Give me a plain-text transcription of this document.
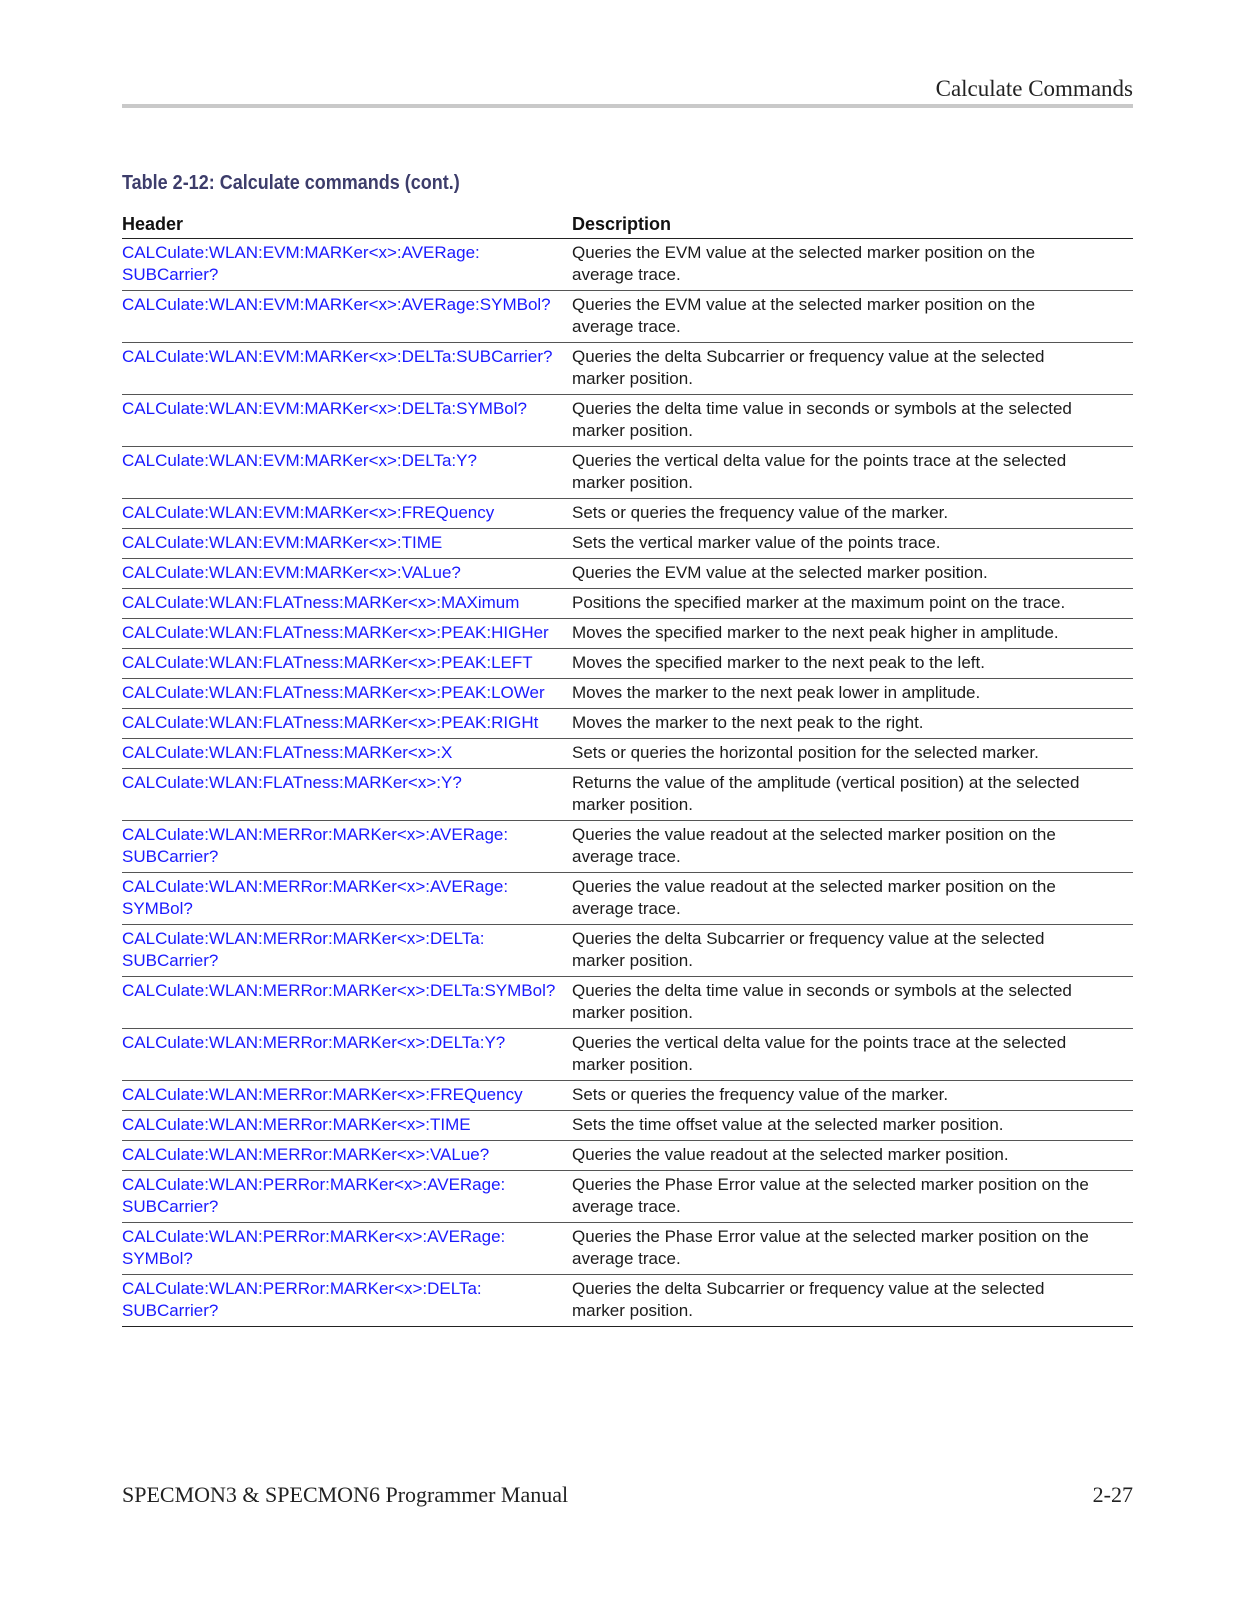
Calculate Commands
Table 2-12: Calculate commands (cont.)
Header	Description
CALCulate:WLAN:EVM:MARKer<x>:AVERage:
SUBCarrier?	Queries the EVM value at the selected marker position on the average trace.
CALCulate:WLAN:EVM:MARKer<x>:AVERage:SYMBol?	Queries the EVM value at the selected marker position on the average trace.
CALCulate:WLAN:EVM:MARKer<x>:DELTa:SUBCarrier?	Queries the delta Subcarrier or frequency value at the selected marker position.
CALCulate:WLAN:EVM:MARKer<x>:DELTa:SYMBol?	Queries the delta time value in seconds or symbols at the selected marker position.
CALCulate:WLAN:EVM:MARKer<x>:DELTa:Y?	Queries the vertical delta value for the points trace at the selected marker position.
CALCulate:WLAN:EVM:MARKer<x>:FREQuency	Sets or queries the frequency value of the marker.
CALCulate:WLAN:EVM:MARKer<x>:TIME	Sets the vertical marker value of the points trace.
CALCulate:WLAN:EVM:MARKer<x>:VALue?	Queries the EVM value at the selected marker position.
CALCulate:WLAN:FLATness:MARKer<x>:MAXimum	Positions the specified marker at the maximum point on the trace.
CALCulate:WLAN:FLATness:MARKer<x>:PEAK:HIGHer	Moves the specified marker to the next peak higher in amplitude.
CALCulate:WLAN:FLATness:MARKer<x>:PEAK:LEFT	Moves the specified marker to the next peak to the left.
CALCulate:WLAN:FLATness:MARKer<x>:PEAK:LOWer	Moves the marker to the next peak lower in amplitude.
CALCulate:WLAN:FLATness:MARKer<x>:PEAK:RIGHt	Moves the marker to the next peak to the right.
CALCulate:WLAN:FLATness:MARKer<x>:X	Sets or queries the horizontal position for the selected marker.
CALCulate:WLAN:FLATness:MARKer<x>:Y?	Returns the value of the amplitude (vertical position) at the selected marker position.
CALCulate:WLAN:MERRor:MARKer<x>:AVERage:
SUBCarrier?	Queries the value readout at the selected marker position on the average trace.
CALCulate:WLAN:MERRor:MARKer<x>:AVERage:
SYMBol?	Queries the value readout at the selected marker position on the average trace.
CALCulate:WLAN:MERRor:MARKer<x>:DELTa:
SUBCarrier?	Queries the delta Subcarrier or frequency value at the selected marker position.
CALCulate:WLAN:MERRor:MARKer<x>:DELTa:SYMBol?	Queries the delta time value in seconds or symbols at the selected marker position.
CALCulate:WLAN:MERRor:MARKer<x>:DELTa:Y?	Queries the vertical delta value for the points trace at the selected marker position.
CALCulate:WLAN:MERRor:MARKer<x>:FREQuency	Sets or queries the frequency value of the marker.
CALCulate:WLAN:MERRor:MARKer<x>:TIME	Sets the time offset value at the selected marker position.
CALCulate:WLAN:MERRor:MARKer<x>:VALue?	Queries the value readout at the selected marker position.
CALCulate:WLAN:PERRor:MARKer<x>:AVERage:
SUBCarrier?	Queries the Phase Error value at the selected marker position on the average trace.
CALCulate:WLAN:PERRor:MARKer<x>:AVERage:
SYMBol?	Queries the Phase Error value at the selected marker position on the average trace.
CALCulate:WLAN:PERRor:MARKer<x>:DELTa:
SUBCarrier?	Queries the delta Subcarrier or frequency value at the selected marker position.
SPECMON3 & SPECMON6 Programmer Manual	2-27
